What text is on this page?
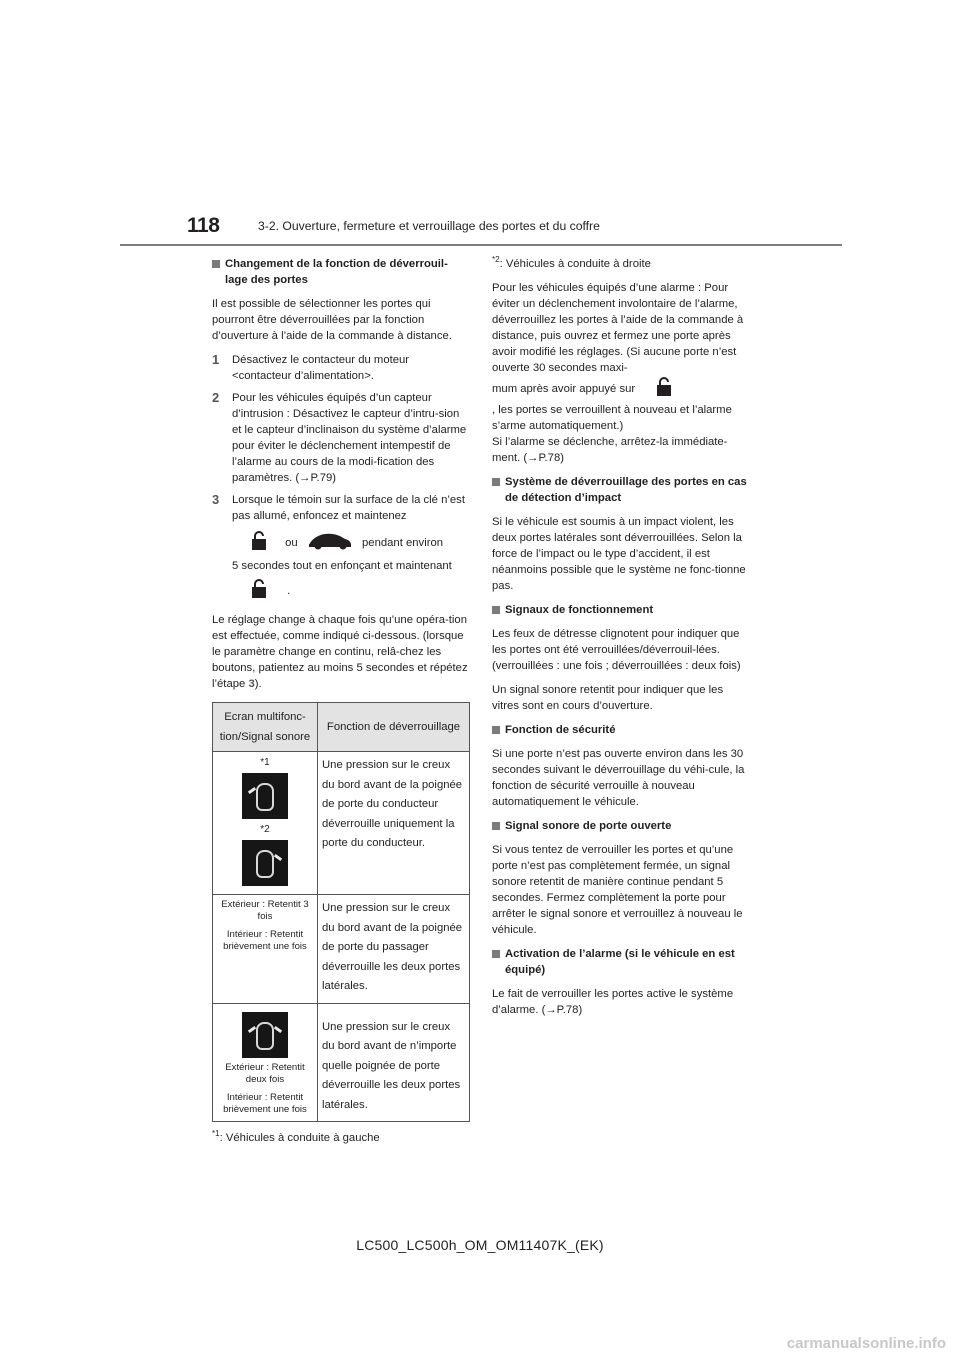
118	3-2. Ouverture, fermeture et verrouillage des portes et du coffre
Changement de la fonction de déverrouil-lage des portes

Il est possible de sélectionner les portes qui pourront être déverrouillées par la fonction d’ouverture à l’aide de la commande à distance.

1	Désactivez le contacteur du moteur <contacteur d’alimentation>.
2	Pour les véhicules équipés d’un capteur d’intrusion : Désactivez le capteur d’intru-sion et le capteur d’inclinaison du système d’alarme pour éviter le déclenchement intempestif de l’alarme au cours de la modi-fication des paramètres. (→P.79)
3	Lorsque le témoin sur la surface de la clé n’est pas allumé, enfoncez et maintenez
ou	pendant environ
5 secondes tout en enfonçant et maintenant
.

Le réglage change à chaque fois qu’une opéra-tion est effectuée, comme indiqué ci-dessous. (lorsque le paramètre change en continu, relâ-chez les boutons, patientez au moins 5 secondes et répétez l’étape 3).

Ecran multifonc-tion/Signal sonore	Fonction de déverrouillage

*1
*2	Une pression sur le creux du bord avant de la poignée de porte du conducteur déverrouille uniquement la porte du conducteur.

Extérieur : Retentit 3 fois
Intérieur : Retentit brièvement une fois	Une pression sur le creux du bord avant de la poignée de porte du passager déverrouille les deux portes latérales.

Extérieur : Retentit deux fois
Intérieur : Retentit brièvement une fois	Une pression sur le creux du bord avant de n’importe quelle poignée de porte déverrouille les deux portes latérales.
$^{*1}$: Véhicules à conduite à gauche

$^{*2}$: Véhicules à conduite à droite

Pour les véhicules équipés d’une alarme : Pour éviter un déclenchement involontaire de l’alarme, déverrouillez les portes à l’aide de la commande à distance, puis ouvrez et fermez une porte après avoir modifié les réglages. (Si aucune porte n’est ouverte 30 secondes maxi-

mum après avoir appuyé sur

, les portes se verrouillent à nouveau et l’alarme s’arme automatiquement.)

Si l’alarme se déclenche, arrêtez-la immédiate-ment. (→P.78)

Système de déverrouillage des portes en cas de détection d’impact

Si le véhicule est soumis à un impact violent, les deux portes latérales sont déverrouillées. Selon la force de l’impact ou le type d’accident, il est néanmoins possible que le système ne fonc-tionne pas.

Signaux de fonctionnement

Les feux de détresse clignotent pour indiquer que les portes ont été verrouillées/déverrouil-lées. (verrouillées : une fois ; déverrouillées : deux fois)

Un signal sonore retentit pour indiquer que les vitres sont en cours d’ouverture.

Fonction de sécurité

Si une porte n’est pas ouverte environ dans les 30 secondes suivant le déverrouillage du véhi-cule, la fonction de sécurité verrouille à nouveau automatiquement le véhicule.

Signal sonore de porte ouverte

Si vous tentez de verrouiller les portes et qu’une porte n’est pas complètement fermée, un signal sonore retentit de manière continue pendant 5 secondes. Fermez complètement la porte pour arrêter le signal sonore et verrouillez à nouveau le véhicule.

Activation de l’alarme (si le véhicule en est équipé)

Le fait de verrouiller les portes active le système d’alarme. (→P.78)

LC500_LC500h_OM_OM11407K_(EK)
carmanualsonline.info
